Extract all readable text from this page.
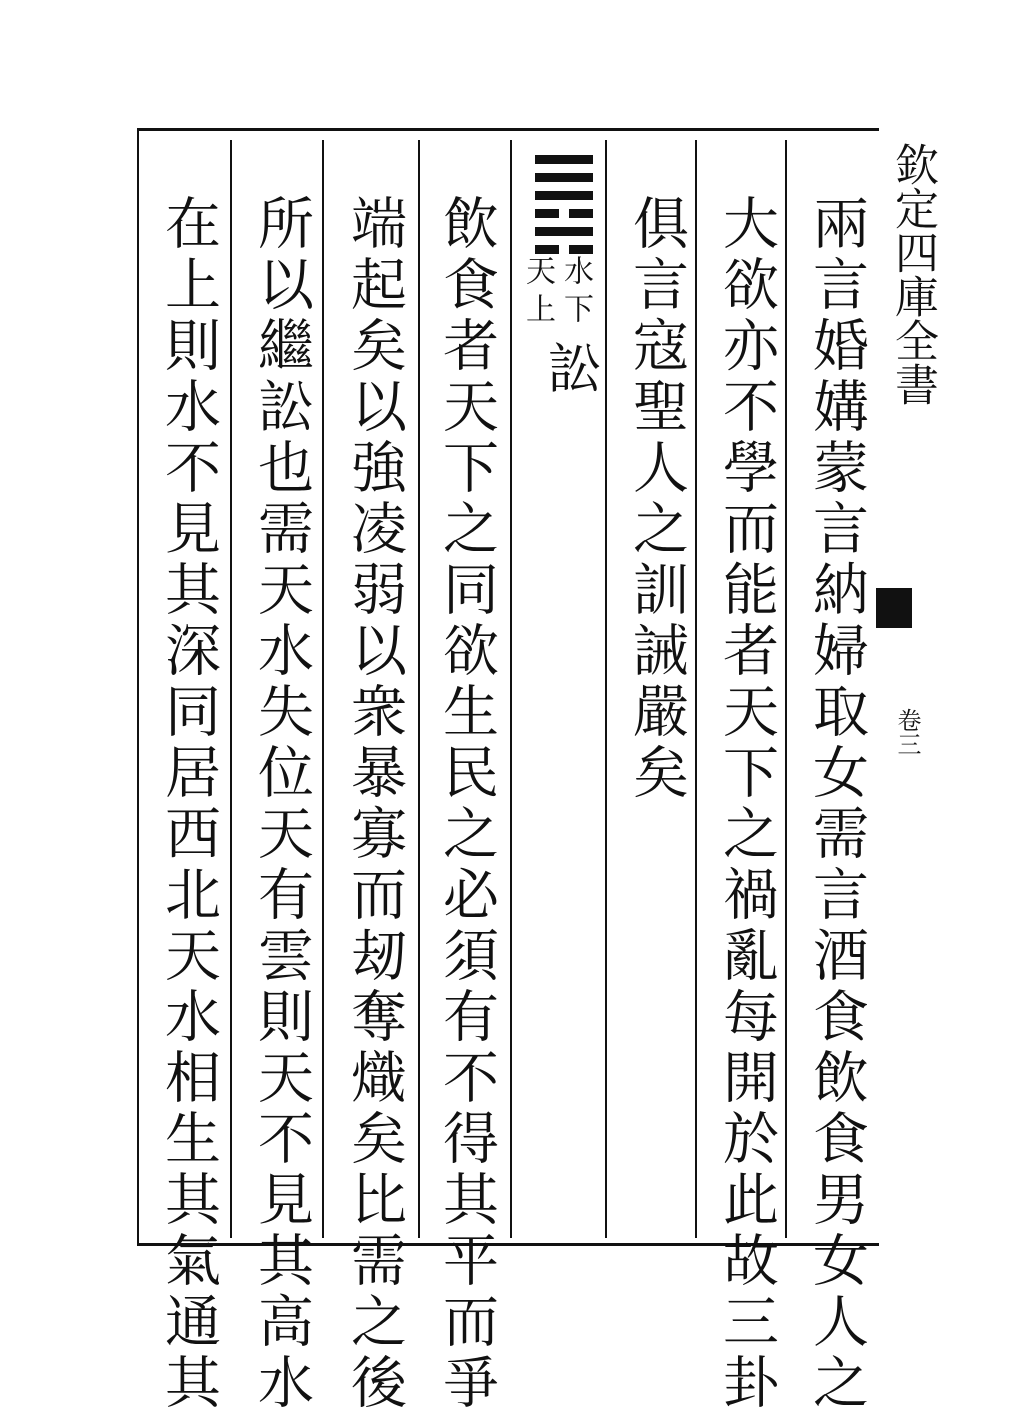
欽定四庫全書
卷三
兩言婚媾蒙言納婦取女需言酒食飲食男女人之
大欲亦不學而能者天下之禍亂每開於此故三卦
俱言寇聖人之訓誡嚴矣
水下
天上
訟
飲食者天下之同欲生民之必須有不得其平而爭
端起矣以強凌弱以衆暴寡而刼奪熾矣比需之後
所以繼訟也需天水失位天有雲則天不見其高水
在上則水不見其深同居西北天水相生其氣通其
